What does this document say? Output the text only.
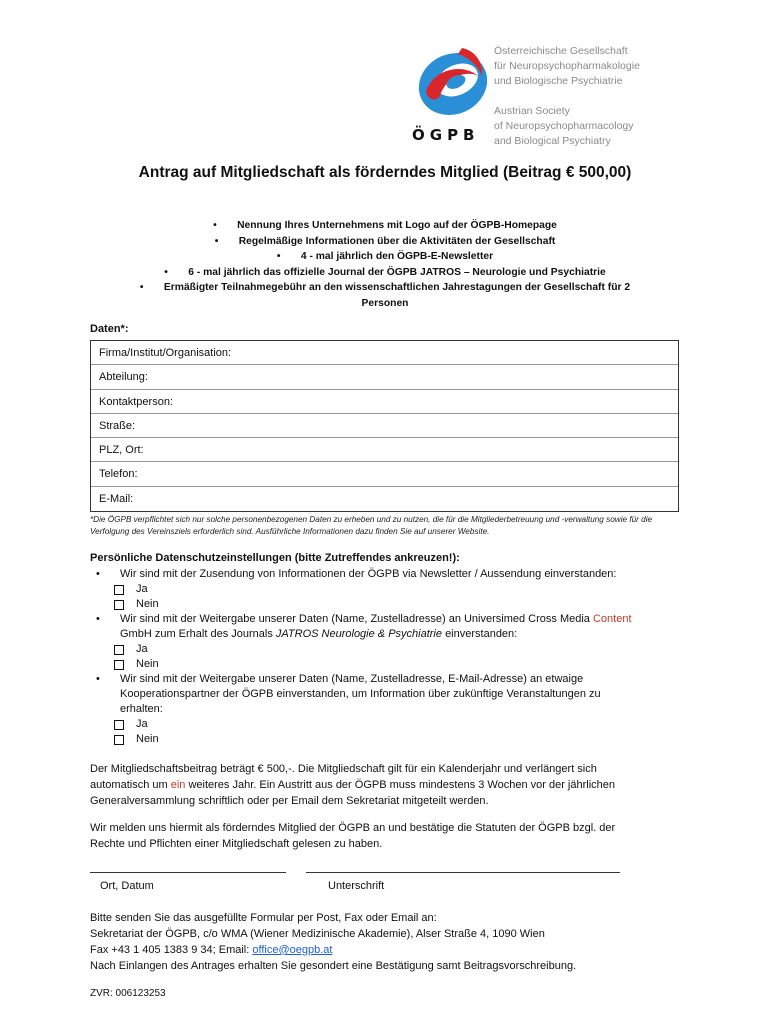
ÖGPB
Österreichische Gesellschaft
für Neuropsychopharmakologie
und Biologische Psychiatrie
Austrian Society
of Neuropsychopharmacology
and Biological Psychiatry
Antrag auf Mitgliedschaft als förderndes Mitglied (Beitrag € 500,00)
• Nennung Ihres Unternehmens mit Logo auf der ÖGPB-Homepage
• Regelmäßige Informationen über die Aktivitäten der Gesellschaft
• 4 - mal jährlich den ÖGPB-E-Newsletter
• 6 - mal jährlich das offizielle Journal der ÖGPB JATROS – Neurologie und Psychiatrie
• Ermäßigter Teilnahmegebühr an den wissenschaftlichen Jahrestagungen der Gesellschaft für 2
Personen
Daten*:
Firma/Institut/Organisation:
Abteilung:
Kontaktperson:
Straße:
PLZ, Ort:
Telefon:
E-Mail:
*Die ÖGPB verpflichtet sich nur solche personenbezogenen Daten zu erheben und zu nutzen, die für die Mitgliederbetreuung und -verwaltung sowie für die Verfolgung des Vereinsziels erforderlich sind. Ausführliche Informationen dazu finden Sie auf unserer Website.
Persönliche Datenschutzeinstellungen (bitte Zutreffendes ankreuzen!):
• Wir sind mit der Zusendung von Informationen der ÖGPB via Newsletter / Aussendung einverstanden:
Ja
Nein
• Wir sind mit der Weitergabe unserer Daten (Name, Zustelladresse) an Universimed Cross Media Content
GmbH zum Erhalt des Journals JATROS Neurologie & Psychiatrie einverstanden:
Ja
Nein
• Wir sind mit der Weitergabe unserer Daten (Name, Zustelladresse, E-Mail-Adresse) an etwaige
Kooperationspartner der ÖGPB einverstanden, um Information über zukünftige Veranstaltungen zu
erhalten:
Ja
Nein
Der Mitgliedschaftsbeitrag beträgt € 500,-. Die Mitgliedschaft gilt für ein Kalenderjahr und verlängert sich
automatisch um ein weiteres Jahr. Ein Austritt aus der ÖGPB muss mindestens 3 Wochen vor der jährlichen
Generalversammlung schriftlich oder per Email dem Sekretariat mitgeteilt werden.
Wir melden uns hiermit als förderndes Mitglied der ÖGPB an und bestätige die Statuten der ÖGPB bzgl. der
Rechte und Pflichten einer Mitgliedschaft gelesen zu haben.
Ort, Datum	Unterschrift
Bitte senden Sie das ausgefüllte Formular per Post, Fax oder Email an:
Sekretariat der ÖGPB, c/o WMA (Wiener Medizinische Akademie), Alser Straße 4, 1090 Wien
Fax +43 1 405 1383 9 34; Email: office@oegpb.at
Nach Einlangen des Antrages erhalten Sie gesondert eine Bestätigung samt Beitragsvorschreibung.
ZVR: 006123253
